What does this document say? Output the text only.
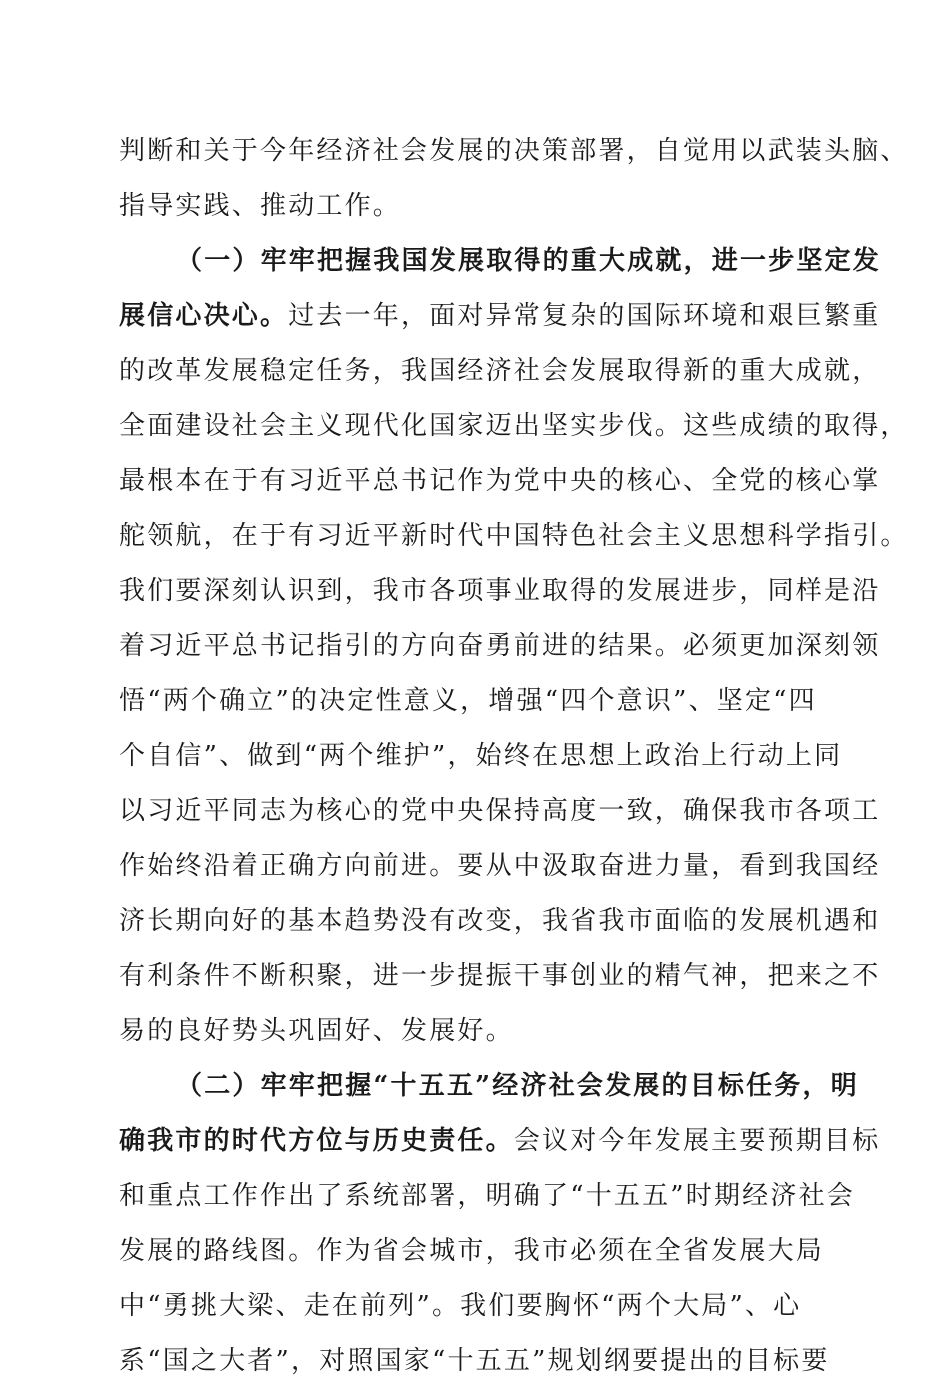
判断和关于今年经济社会发展的决策部署，自觉用以武装头脑、
指导实践、推动工作。
（一）牢牢把握我国发展取得的重大成就，进一步坚定发
展信心决心。过去一年，面对异常复杂的国际环境和艰巨繁重
的改革发展稳定任务，我国经济社会发展取得新的重大成就，
全面建设社会主义现代化国家迈出坚实步伐。这些成绩的取得，
最根本在于有习近平总书记作为党中央的核心、全党的核心掌
舵领航，在于有习近平新时代中国特色社会主义思想科学指引。
我们要深刻认识到，我市各项事业取得的发展进步，同样是沿
着习近平总书记指引的方向奋勇前进的结果。必须更加深刻领
悟“两个确立”的决定性意义，增强“四个意识”、坚定“四
个自信”、做到“两个维护”，始终在思想上政治上行动上同
以习近平同志为核心的党中央保持高度一致，确保我市各项工
作始终沿着正确方向前进。要从中汲取奋进力量，看到我国经
济长期向好的基本趋势没有改变，我省我市面临的发展机遇和
有利条件不断积聚，进一步提振干事创业的精气神，把来之不
易的良好势头巩固好、发展好。
（二）牢牢把握“十五五”经济社会发展的目标任务，明
确我市的时代方位与历史责任。会议对今年发展主要预期目标
和重点工作作出了系统部署，明确了“十五五”时期经济社会
发展的路线图。作为省会城市，我市必须在全省发展大局
中“勇挑大梁、走在前列”。我们要胸怀“两个大局”、心
系“国之大者”，对照国家“十五五”规划纲要提出的目标要
